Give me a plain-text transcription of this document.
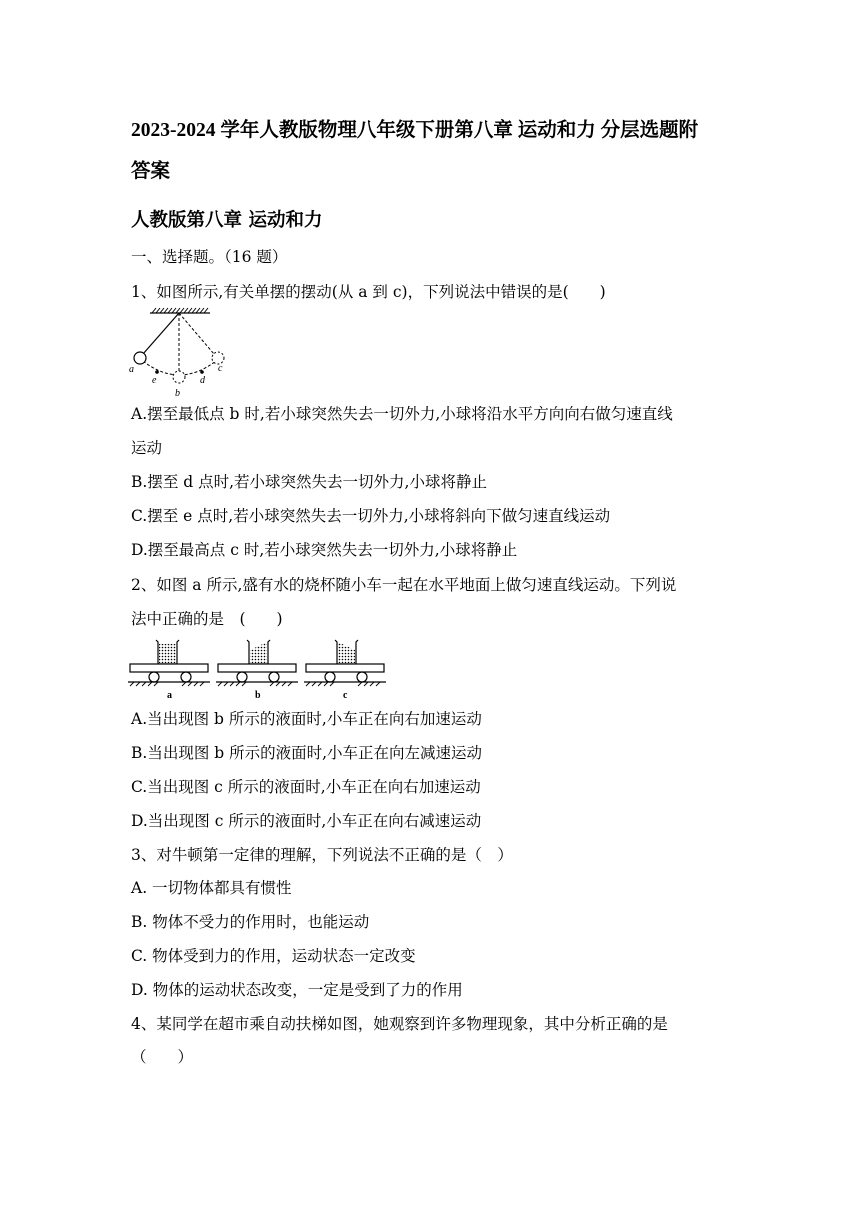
2023-2024 学年人教版物理八年级下册第八章 运动和力 分层选题附
答案
人教版第八章 运动和力
一、选择题。（16 题）
1、如图所示,有关单摆的摆动(从 a 到 c)，下列说法中错误的是(　　)
a
e
b
d
c
A.摆至最低点 b 时,若小球突然失去一切外力,小球将沿水平方向向右做匀速直线
运动
B.摆至 d 点时,若小球突然失去一切外力,小球将静止
C.摆至 e 点时,若小球突然失去一切外力,小球将斜向下做匀速直线运动
D.摆至最高点 c 时,若小球突然失去一切外力,小球将静止
2、如图 a 所示,盛有水的烧杯随小车一起在水平地面上做匀速直线运动。下列说
法中正确的是　(　　)
a	b	c
A.当出现图 b 所示的液面时,小车正在向右加速运动
B.当出现图 b 所示的液面时,小车正在向左减速运动
C.当出现图 c 所示的液面时,小车正在向右加速运动
D.当出现图 c 所示的液面时,小车正在向右减速运动
3、对牛顿第一定律的理解，下列说法不正确的是（　）
A. 一切物体都具有惯性
B. 物体不受力的作用时，也能运动
C. 物体受到力的作用，运动状态一定改变
D. 物体的运动状态改变，一定是受到了力的作用
4、某同学在超市乘自动扶梯如图，她观察到许多物理现象，其中分析正确的是
（　　）
